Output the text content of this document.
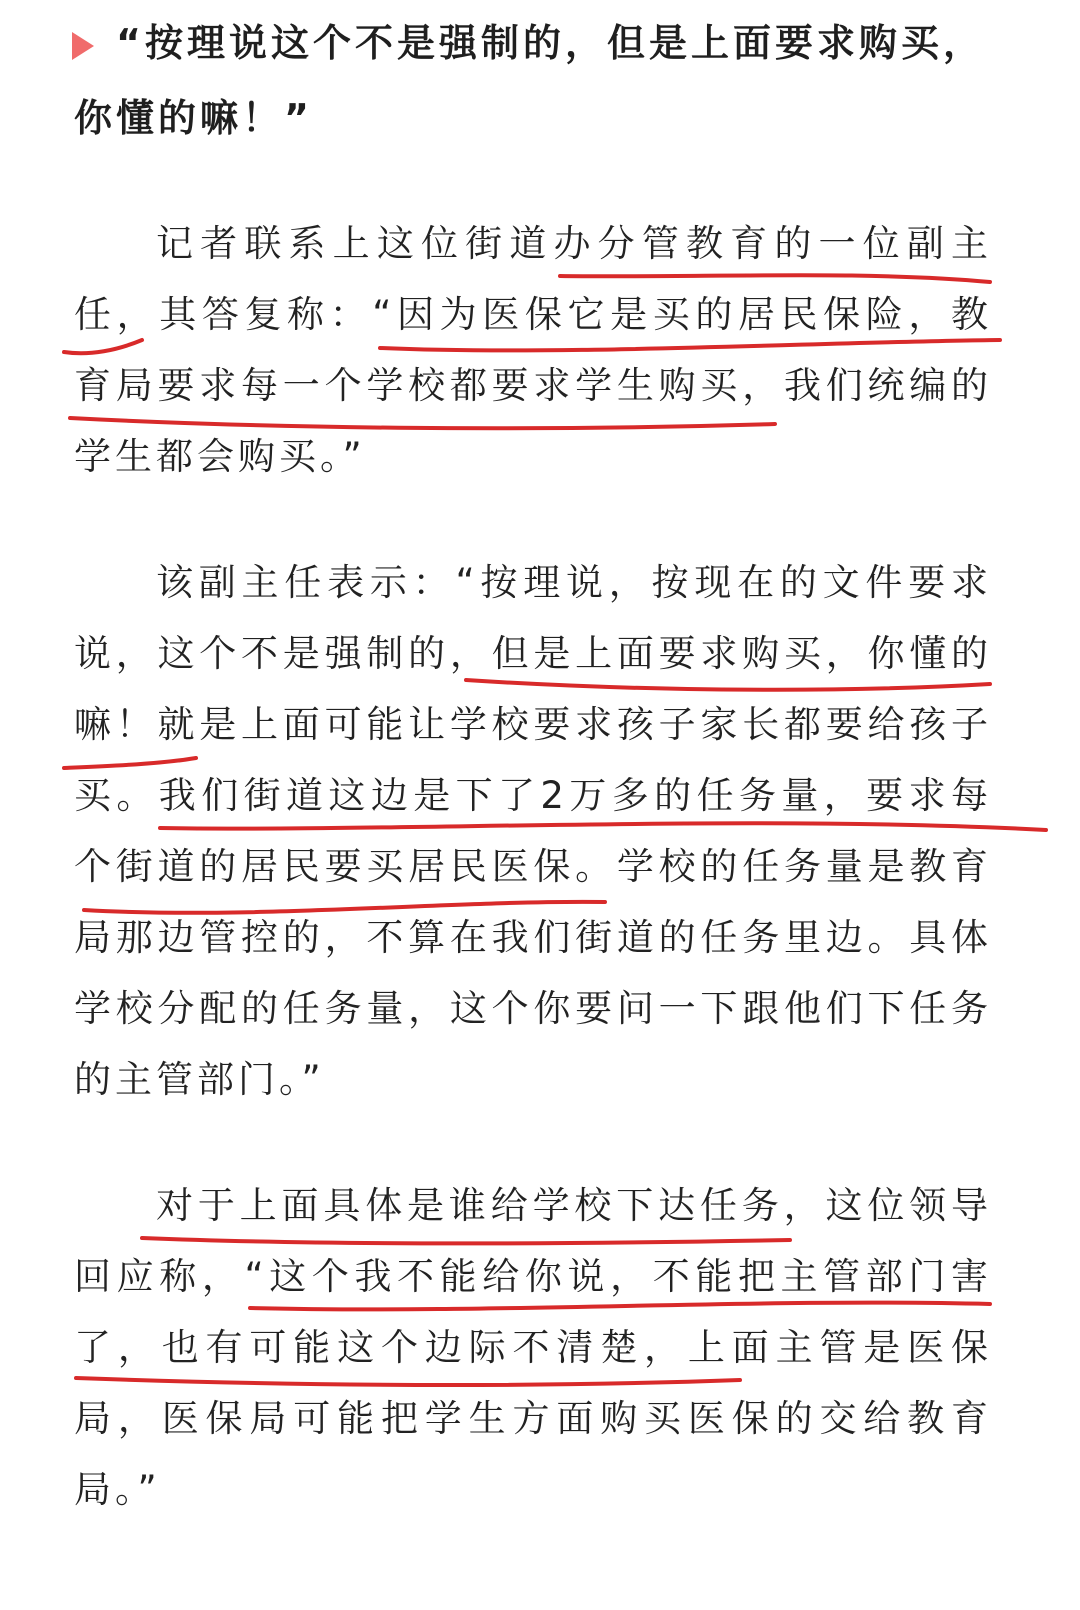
“按理说这个不是强制的，但是上面要求购买，你懂的嘛！”

记者联系上这位街道办分管教育的一位副主任，其答复称：“因为医保它是买的居民保险，教育局要求每一个学校都要求学生购买，我们统编的学生都会购买。”

该副主任表示：“按理说，按现在的文件要求说，这个不是强制的，但是上面要求购买，你懂的嘛！就是上面可能让学校要求孩子家长都要给孩子买。我们街道这边是下了2万多的任务量，要求每个街道的居民要买居民医保。学校的任务量是教育局那边管控的，不算在我们街道的任务里边。具体学校分配的任务量，这个你要问一下跟他们下任务的主管部门。”

对于上面具体是谁给学校下达任务，这位领导回应称，“这个我不能给你说，不能把主管部门害了，也有可能这个边际不清楚，上面主管是医保局，医保局可能把学生方面购买医保的交给教育局。”
